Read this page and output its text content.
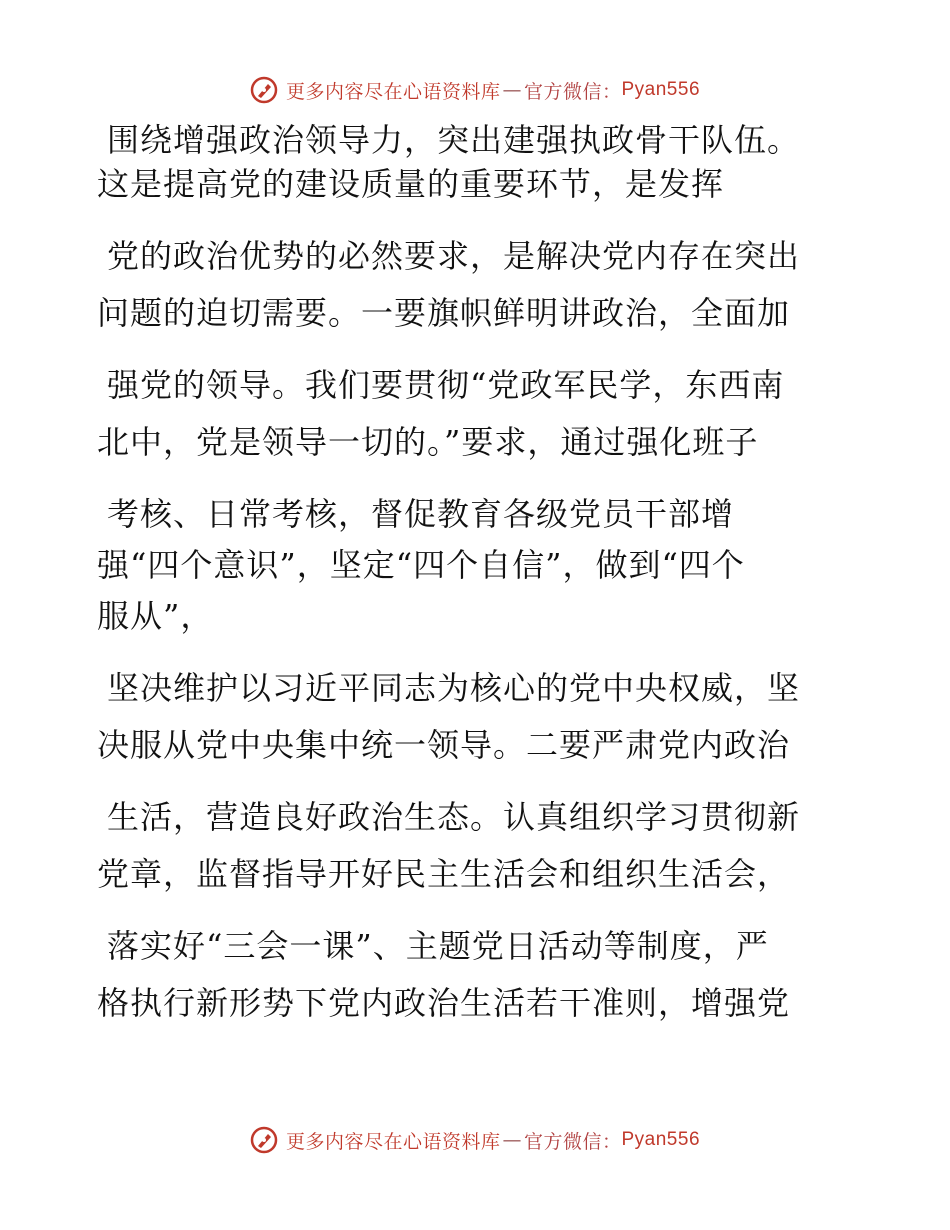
更多内容尽在心语资料库 — 官方微信： Pyan556
围绕增强政治领导力，突出建强执政骨干队伍。
这是提高党的建设质量的重要环节，是发挥
党的政治优势的必然要求，是解决党内存在突出
问题的迫切需要。一要旗帜鲜明讲政治，全面加
强党的领导。我们要贯彻“党政军民学，东西南
北中，党是领导一切的。”要求，通过强化班子
考核、日常考核，督促教育各级党员干部增
强“四个意识”，坚定“四个自信”，做到“四个
服从”，
坚决维护以习近平同志为核心的党中央权威，坚
决服从党中央集中统一领导。二要严肃党内政治
生活，营造良好政治生态。认真组织学习贯彻新
党章，监督指导开好民主生活会和组织生活会，
落实好“三会一课”、主题党日活动等制度，严
格执行新形势下党内政治生活若干准则，增强党
更多内容尽在心语资料库 — 官方微信： Pyan556
